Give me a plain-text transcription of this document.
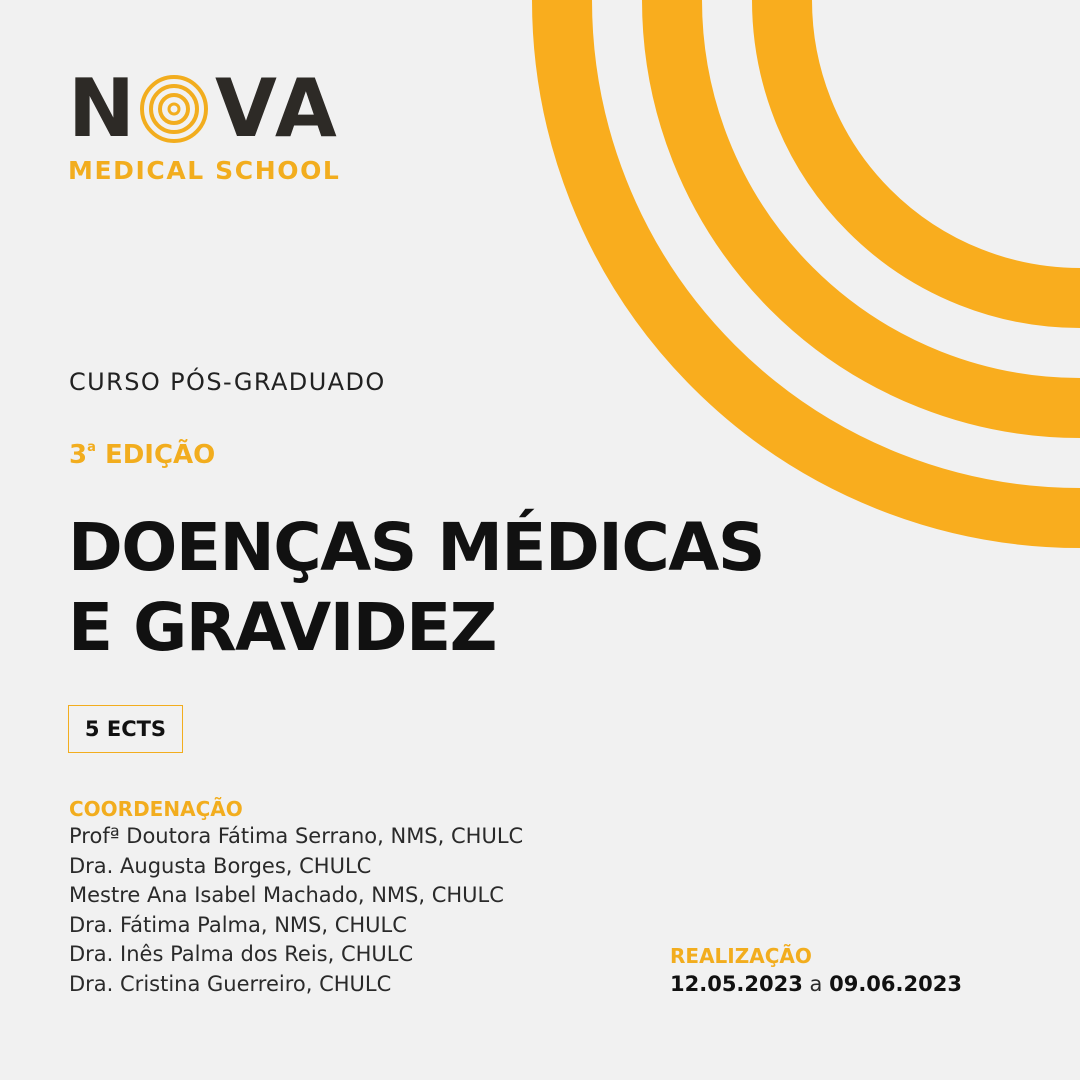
N V A
MEDICAL SCHOOL
CURSO PÓS-GRADUADO
3$^a$ EDIÇÃO
DOENÇAS MÉDICAS
E GRAVIDEZ
5 ECTS
COORDENAÇÃO
Profª Doutora Fátima Serrano, NMS, CHULC
Dra. Augusta Borges, CHULC
Mestre Ana Isabel Machado, NMS, CHULC
Dra. Fátima Palma, NMS, CHULC
Dra. Inês Palma dos Reis, CHULC
Dra. Cristina Guerreiro, CHULC
REALIZAÇÃO
12.05.2023 a 09.06.2023
